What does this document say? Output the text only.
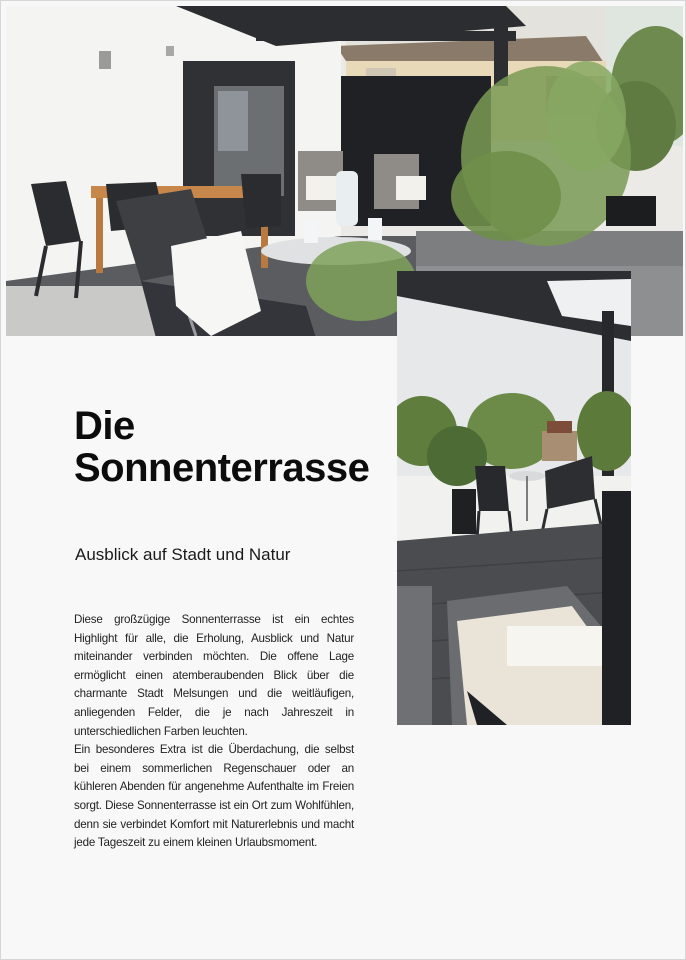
Die
Sonnenterrasse
Ausblick auf Stadt und Natur

Diese großzügige Sonnenterrasse ist ein echtes Highlight für alle, die Erholung, Ausblick und Natur miteinander verbinden möchten. Die offene Lage ermöglicht einen atemberaubenden Blick über die charmante Stadt Melsungen und die weitläufigen, anliegenden Felder, die je nach Jahreszeit in unterschiedlichen Farben leuchten.

Ein besonderes Extra ist die Überdachung, die selbst bei einem sommerlichen Regenschauer oder an kühleren Abenden für angenehme Aufenthalte im Freien sorgt. Diese Sonnenterrasse ist ein Ort zum Wohlfühlen, denn sie verbindet Komfort mit Naturerlebnis und macht jede Tageszeit zu einem kleinen Urlaubsmoment.
